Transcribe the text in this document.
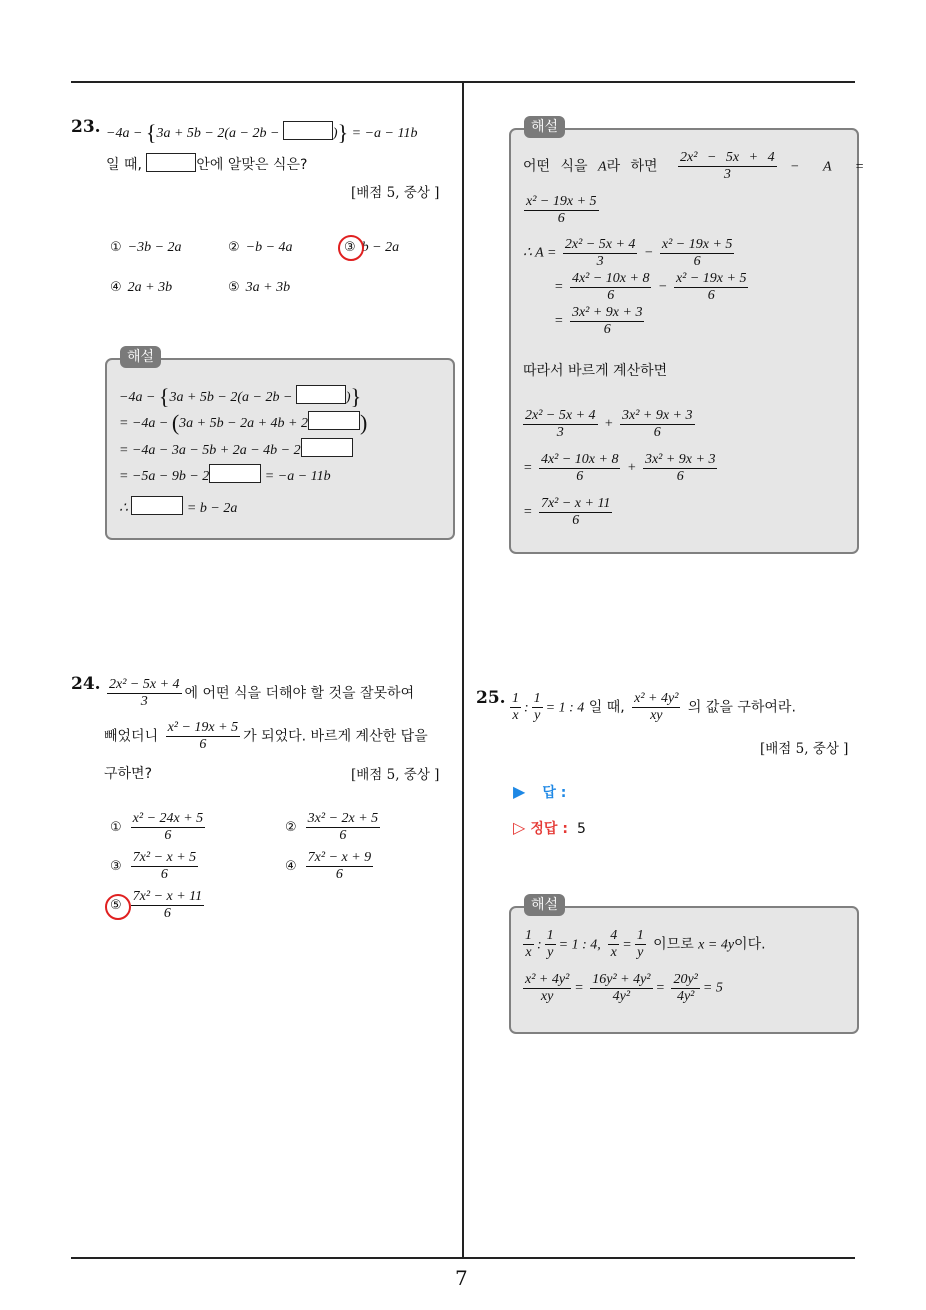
7
23. −4a − {3a + 5b − 2(a − 2b −	)} = −a − 11b
일 때,	안에 알맞은 식은?
[배점 5, 중상 ]
① −3b − 2a	② −b − 4a	③ b − 2a
④ 2a + 3b	⑤ 3a + 3b
해설
−4a − {3a + 5b − 2(a − 2b −	)}
= −4a − (3a + 5b − 2a + 4b + 2 )
= −4a − 3a − 5b + 2a − 4b − 2
= −5a − 9b − 2	= −a − 11b
∴	= b − 2a
해설
어떤 식을 A라 하면 $\frac{\text{2x² − 5x + 4}}{3} - A$ =
$\frac{\text{x² − 19x + 5}}{6}$
∴ $A = \frac{\text{2x² − 5x + 4}}{3} - \frac{\text{x² − 19x + 5}}{6}$
= $\frac{\text{4x² − 10x + 8}}{6} - \frac{\text{x² − 19x + 5}}{6}$
= $\frac{\text{3x² + 9x + 3}}{6}$
따라서 바르게 계산하면
$\frac{\text{2x² − 5x + 4}}{3} + \frac{\text{3x² + 9x + 3}}{6}$
= $\frac{\text{4x² − 10x + 8}}{6} + \frac{\text{3x² + 9x + 3}}{6}$
= $\frac{\text{7x² − x + 11}}{6}$
24. $\frac{\text{2x² − 5x + 4}}{3}$ 에 어떤 식을 더해야 할 것을 잘못하여
빼었더니 $\frac{\text{x² − 19x + 5}}{6}$ 가 되었다. 바르게 계산한 답을
구하면?	[배점 5, 중상 ]
① $\frac{\text{x² − 24x + 5}}{6}$	② $\frac{\text{3x² − 2x + 5}}{6}$
③ $\frac{\text{7x² − x + 5}}{6}$	④ $\frac{\text{7x² − x + 9}}{6}$
⑤ $\frac{\text{7x² − x + 11}}{6}$
25. $\frac{1}{x}$ : $\frac{1}{y} = 1$ : 4 일 때, $\frac{\text{x² + 4y²}}{xy}$ 의 값을 구하여라.
[배점 5, 중상 ]
▶ 답 :
▷ 정답 : 5
해설
$\frac{1}{x}$ : $\frac{1}{y} = 1$ : 4, $\frac{4}{x} = \frac{1}{y}$ 이므로 x = 4y이다.
$\frac{\text{x² + 4y²}}{xy} = \frac{\text{16y² + 4y²}}{\text{4y²}} = \frac{\text{20y²}}{\text{4y²}} = 5$
